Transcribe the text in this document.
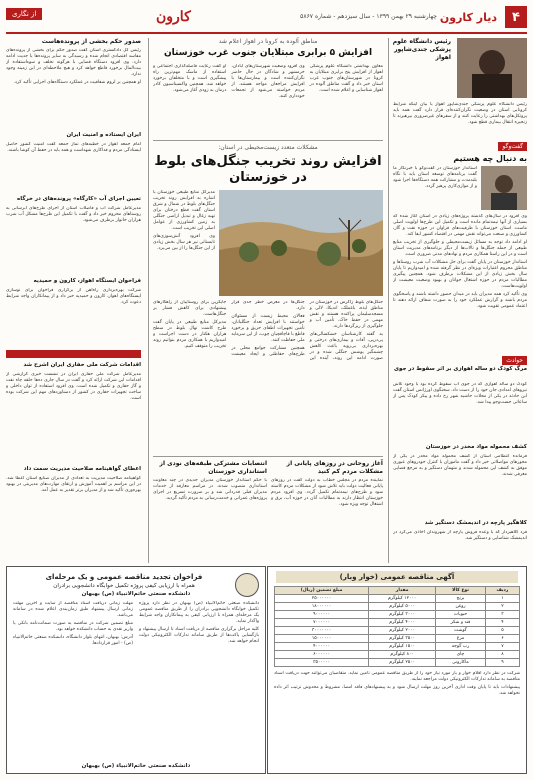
۴
دیار کارون
چهارشنبه ۲۹ بهمن ۱۳۹۹ - سال سیزدهم - شماره ۵۸۶۷
کارون
از نگاری
رئیس دانشگاه علوم پزشکی جندی‌شاپور اهواز

رئیس دانشگاه علوم پزشکی جندی‌شاپور اهواز با بیان اینکه شرایط کرونایی استان در وضعیت نگران‌کننده‌ای قرار دارد گفت همه باید پروتکل‌های بهداشتی را رعایت کنند و از سفرهای غیرضروری بپرهیزند تا زنجیره انتقال بیماری قطع شود.

گفت‌وگو
به دنبال چه هستیم

استاندار خوزستان در گفت‌وگو با خبرنگار ما گفت برنامه‌های توسعه استان باید با نگاه بلندمدت و مشارکت همه دستگاه‌ها اجرا شود و از موازی‌کاری پرهیز گردد.

وی افزود در سال‌های گذشته پروژه‌های زیادی در استان آغاز شده که بسیاری از آنها نیمه‌تمام مانده است و تکمیل این طرح‌ها اولویت اصلی ماست. استان خوزستان با ظرفیت‌های فراوان در حوزه نفت و گاز، کشاورزی و صنعت می‌تواند نقش مهمی در اقتصاد کشور ایفا کند.

او ادامه داد توجه به مسائل زیست‌محیطی و جلوگیری از تخریب منابع طبیعی از جمله جنگل‌ها و تالاب‌ها از دیگر برنامه‌های مدیریت استان است و در این راستا همکاری مردم و نهادهای مدنی ضروری است.

استاندار خوزستان در پایان گفت برای حل مشکلات آب شرب روستاها و مناطق محروم اعتبارات ویژه‌ای در نظر گرفته شده و امیدواریم تا پایان سال بخش زیادی از این مشکلات برطرف شود. همچنین پیگیری مطالبات مردم در حوزه اشتغال جوانان و بهبود وضعیت معیشت از اولویت‌هاست.

وی تأکید کرد همه مدیران باید در میدان حضور داشته باشند و پاسخگوی مردم باشند و گزارش عملکرد خود را به صورت شفاف ارائه دهند تا اعتماد عمومی تقویت شود.

حوادث
مرگ کودک دو ساله اهوازی بر اثر سقوط در جوی

کودک دو ساله اهوازی که در جوی آب سقوط کرده بود با وجود تلاش نیروهای امدادی جان خود را از دست داد. سخنگوی اورژانس استان گفت این حادثه در یکی از محلات حاشیه شهر رخ داده و پیکر کودک پس از ساعاتی جست‌وجو پیدا شد.

کشف محموله مواد مخدر در خوزستان

فرمانده انتظامی استان از کشف محموله مواد مخدر در یکی از محورهای مواصلاتی خبر داد و گفت ماموران با کنترل خودروهای عبوری موفق به کشف این محموله شدند و متهمان دستگیر و به مرجع قضایی معرفی شدند.

کلاهگیر پارچه در اندیمشک دستگیر شد

فرد کلاهبردار که با وعده فروش پارچه از شهروندان اخاذی می‌کرد در اندیمشک شناسایی و دستگیر شد.

مناطق آلوده به کرونا در اهواز اعلام شد
افزایش ۵ برابری مبتلایان جنوب غرب خوزستان

معاون بهداشتی دانشگاه علوم پزشکی اهواز از افزایش پنج برابری مبتلایان به کرونا در شهرستان‌های جنوب غرب استان خبر داد و گفت مناطق آلوده در اهواز شناسایی و اعلام شده است.

وی افزود وضعیت شهرستان‌های آبادان، خرمشهر و شادگان در حال حاضر نگران‌کننده است و بیمارستان‌ها با افزایش مراجعان مواجه هستند. از مردم خواسته می‌شود از تجمعات خودداری کنند.

او گفت رعایت فاصله‌گذاری اجتماعی و استفاده از ماسک مهم‌ترین راه پیشگیری است و با متخلفان برخورد خواهد شد. همچنین واکسیناسیون کادر درمان به زودی آغاز می‌شود.

مشکلات متعدد زیست‌محیطی در استان:
افزایش روند تخریب جنگل‌های بلوط در خوزستان

مدیرکل منابع طبیعی خوزستان با اشاره به افزایش روند تخریب جنگل‌های بلوط در شمال و شرق استان گفت قطع درختان برای تهیه زغال و تبدیل اراضی جنگلی به زمین کشاورزی از عوامل اصلی این تخریب است.

وی افزود آتش‌سوزی‌های تابستانی نیز هر سال بخش زیادی از این جنگل‌ها را از بین می‌برد.

جنگل‌های بلوط زاگرس در خوزستان در مناطق ایذه، باغملک، اندیکا، لالی و مسجدسلیمان پراکنده هستند و نقش مهمی در حفظ خاک، تأمین آب و جلوگیری از ریزگردها دارند.

به گفته کارشناسان خشکسالی‌های پی‌درپی، آفات و بیماری‌های درختی و بهره‌برداری بی‌رویه باعث کاهش چشمگیر پوشش جنگلی شده و در صورت ادامه این روند، آینده این جنگل‌ها در معرض خطر جدی قرار دارد.

فعالان محیط زیست از مسئولان خواستند با افزایش تعداد جنگلبانان، تأمین تجهیزات اطفای حریق و برخورد قاطع با قاچاقچیان چوب، از این سرمایه ملی حفاظت کنند.

همچنین مشارکت جوامع محلی در طرح‌های حفاظتی و ایجاد معیشت جایگزین برای روستاییان از راهکارهای پیشنهادی برای کاهش فشار بر جنگل‌هاست.

مدیرکل منابع طبیعی در پایان گفت طرح کاشت نهال بلوط در سطح هزاران هکتار در دست اجراست و امیدواریم با همکاری مردم بتوانیم روند تخریب را متوقف کنیم.

آغاز روحانی در روزهای پایانی از مشکلات مردم کم کنید

نماینده مردم در مجلس خطاب به دولت گفت در روزهای پایانی فعالیت دولت باید تلاش شود از مشکلات مردم کاسته شود و طرح‌های نیمه‌تمام تکمیل گردد. وی افزود مردم خوزستان انتظار دارند به مطالبات آنان در حوزه آب، برق و اشتغال توجه ویژه شود.

انتصابات مشترکی طبقه‌های نودی از استانداری خوزستان

با حکم استاندار خوزستان مدیران جدیدی در چند معاونت استانداری منصوب شدند. در مراسم معارفه از خدمات مدیران قبلی قدردانی شد و بر ضرورت تسریع در اجرای پروژه‌های عمرانی و خدمت‌رسانی به مردم تأکید گردید.

صدور حکم بخشی از پرونده‌هاست

رئیس کل دادگستری استان گفت صدور حکم برای بخشی از پرونده‌های مفاسد اقتصادی انجام شده و رسیدگی به سایر پرونده‌ها با جدیت ادامه دارد. وی افزود دستگاه قضایی با هرگونه تخلف و سوءاستفاده از بیت‌المال برخورد قاطع خواهد کرد و هیچ ملاحظه‌ای در این زمینه وجود ندارد.

او همچنین بر لزوم شفافیت در عملکرد دستگاه‌های اجرایی تأکید کرد.

ایران ایستاده و امنیت ایران

امام جمعه اهواز در خطبه‌های نماز جمعه گفت امنیت کشور حاصل ایستادگی مردم و فداکاری شهداست و همه باید در حفظ آن کوشا باشند.

تعیین اجرای آب «کارگاه» پرونده‌های در خرگاه

مدیرعامل شرکت آب و فاضلاب استان از اجرای طرح‌های آبرسانی به روستاهای محروم خبر داد و گفت با تکمیل این طرح‌ها مشکل آب شرب هزاران خانوار برطرف می‌شود.

فراخوان ایستگاه اهواز، کارون و حمیدیه

شرکت بهره‌برداری راه‌آهن از برگزاری فراخوان برای نوسازی ایستگاه‌های اهواز، کارون و حمیدیه خبر داد و از پیمانکاران واجد شرایط دعوت کرد.

اقدامات شرکت ملی حفاری ایران اشرح شد

مدیرعامل شرکت ملی حفاری ایران در نشست خبری گزارشی از اقدامات این شرکت ارائه کرد و گفت در سال جاری ده‌ها حلقه چاه نفت و گاز حفاری و تکمیل شده است. وی افزود استفاده از توان داخلی و ساخت تجهیزات حفاری در کشور از دستاوردهای مهم این شرکت بوده است.

اعطای گواهینامه صلاحیت مدیریت سمت داد

گواهینامه صلاحیت مدیریت به تعدادی از مدیران صنایع استان اعطا شد. در این مراسم بر اهمیت آموزش و ارتقای مهارت‌های مدیریتی در بهبود بهره‌وری تأکید شد و از مدیران برتر تقدیر به عمل آمد.

فراخوان تجدید مناقصه عمومی و یک مرحله‌ای
همراه با ارزیابی کیفی پروژه تکمیل خوابگاه دانشجویی برادران
دانشکده صنعتی خاتم‌الانبیاء (ص) بهبهان

دانشکده صنعتی خاتم‌الانبیاء (ص) بهبهان در نظر دارد پروژه تکمیل خوابگاه دانشجویی برادران را از طریق مناقصه عمومی یک مرحله‌ای همراه با ارزیابی کیفی به پیمانکاران واجد شرایط واگذار نماید.

کلیه مراحل برگزاری مناقصه از دریافت اسناد تا ارسال پیشنهاد و بازگشایی پاکت‌ها از طریق سامانه تدارکات الکترونیکی دولت انجام خواهد شد.

مهلت زمانی دریافت اسناد مناقصه از سایت و آخرین مهلت زمانی ارسال پیشنهاد طبق زمان‌بندی اعلام شده در سامانه می‌باشد.

مبلغ تضمین شرکت در مناقصه به صورت ضمانت‌نامه بانکی یا واریز نقدی به حساب دانشکده خواهد بود.

آدرس: بهبهان، انتهای بلوار دانشگاه، دانشکده صنعتی خاتم‌الانبیاء (ص) - امور قراردادها.

دانشکده صنعتی خاتم‌الانبیاء (ص) بهبهان
آگهی مناقصه عمومی (خوار وبار)
ردیف	نوع کالا	مقدار	مبلغ تضمین (ریال)
۱	برنج	۱۲۰۰۰ کیلوگرم	۲۵۰۰۰۰۰۰
۲	روغن	۵۰۰۰ کیلوگرم	۱۸۰۰۰۰۰۰
۳	حبوبات	۳۰۰۰ کیلوگرم	۹۰۰۰۰۰۰
۴	قند و شکر	۴۰۰۰ کیلوگرم	۷۰۰۰۰۰۰
۵	گوشت	۲۰۰۰ کیلوگرم	۳۰۰۰۰۰۰۰
۶	مرغ	۳۵۰۰ کیلوگرم	۱۵۰۰۰۰۰۰
۷	رب گوجه	۱۵۰۰ کیلوگرم	۴۰۰۰۰۰۰
۸	چای	۸۰۰ کیلوگرم	۶۰۰۰۰۰۰
۹	ماکارونی	۲۵۰۰ کیلوگرم	۳۵۰۰۰۰۰

شرکت در نظر دارد اقلام خوار و بار مورد نیاز خود را از طریق مناقصه عمومی تأمین نماید. متقاضیان می‌توانند جهت دریافت اسناد مناقصه به سامانه تدارکات الکترونیکی دولت مراجعه نمایند.

پیشنهادات باید تا پایان وقت اداری آخرین روز مهلت ارسال شود و به پیشنهادهای فاقد امضا، مشروط و مخدوش ترتیب اثر داده نخواهد شد.
